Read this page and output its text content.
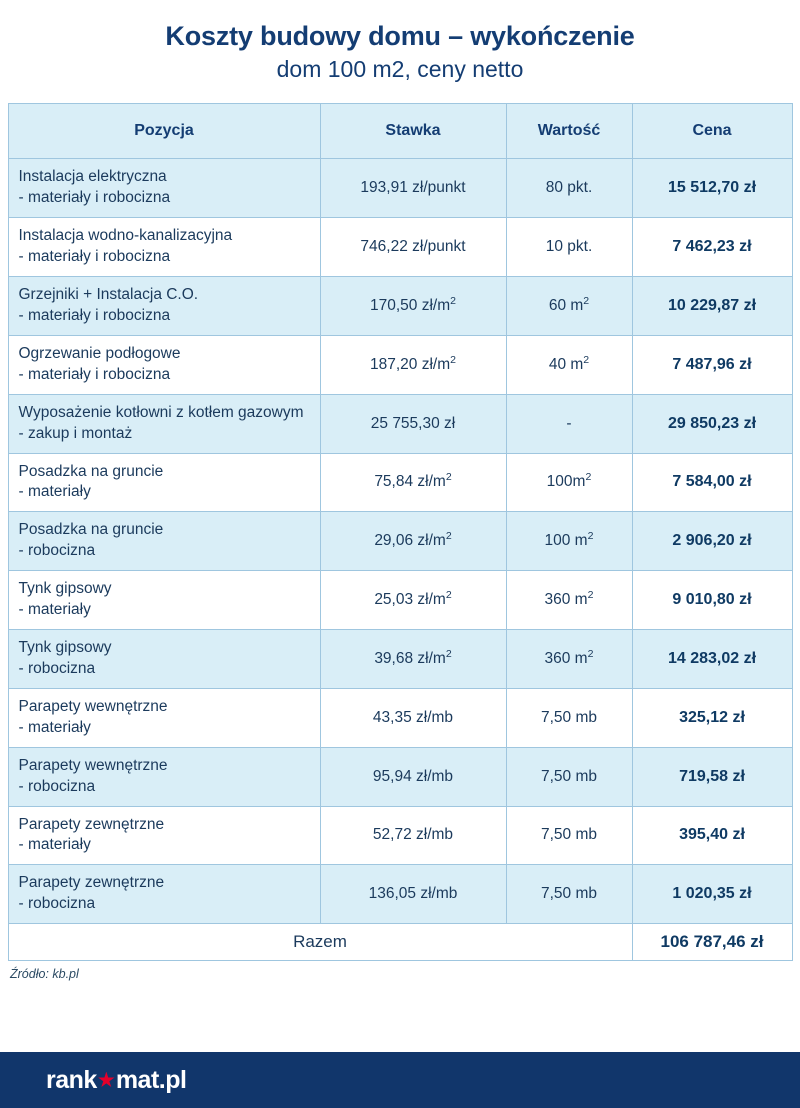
Koszty budowy domu – wykończenie
dom 100 m2, ceny netto
Pozycja	Stawka	Wartość	Cena

Instalacja elektryczna
- materiały i robocizna	193,91 zł/punkt	80 pkt.	15 512,70 zł

Instalacja wodno-kanalizacyjna
- materiały i robocizna	746,22 zł/punkt	10 pkt.	7 462,23 zł

Grzejniki + Instalacja C.O.
- materiały i robocizna	170,50 $zł/m^2$	60 $m^2$	10 229,87 zł

Ogrzewanie podłogowe
- materiały i robocizna	187,20 $zł/m^2$	40 $m^2$	7 487,96 zł

Wyposażenie kotłowni z kotłem gazowym
- zakup i montaż	25 755,30 zł	-	29 850,23 zł

Posadzka na gruncie
- materiały	75,84 $zł/m^2$	$100m^2$	7 584,00 zł

Posadzka na gruncie
- robocizna	29,06 $zł/m^2$	100 $m^2$	2 906,20 zł

Tynk gipsowy
- materiały	25,03 $zł/m^2$	360 $m^2$	9 010,80 zł

Tynk gipsowy
- robocizna	39,68 $zł/m^2$	360 $m^2$	14 283,02 zł

Parapety wewnętrzne
- materiały	43,35 zł/mb	7,50 mb	325,12 zł

Parapety wewnętrzne
- robocizna	95,94 zł/mb	7,50 mb	719,58 zł

Parapety zewnętrzne
- materiały	52,72 zł/mb	7,50 mb	395,40 zł

Parapety zewnętrzne
- robocizna	136,05 zł/mb	7,50 mb	1 020,35 zł
Razem			106 787,46 zł
Źródło: kb.pl
rank mat.pl
